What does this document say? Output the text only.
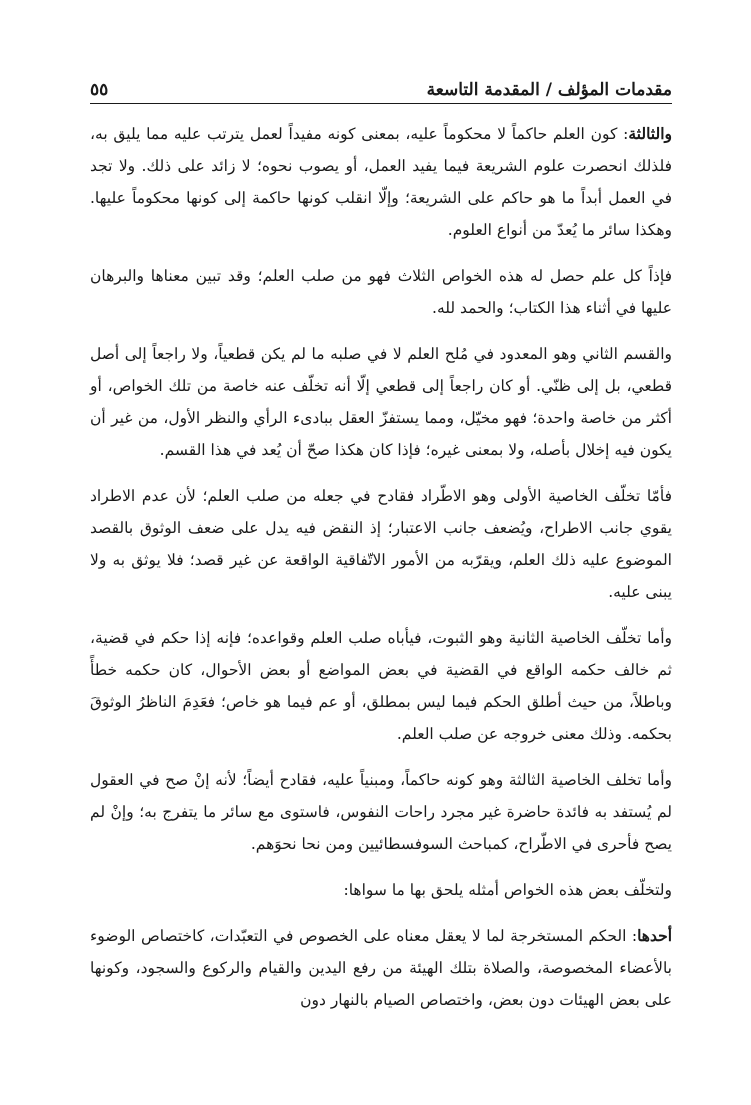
مقدمات المؤلف / المقدمة التاسعة
٥٥

والثالثة: كون العلم حاكماً لا محكوماً عليه، بمعنى كونه مفيداً لعمل يترتب عليه مما يليق به، فلذلك انحصرت علوم الشريعة فيما يفيد العمل، أو يصوب نحوه؛ لا زائد على ذلك. ولا تجد في العمل أبداً ما هو حاكم على الشريعة؛ وإلّا انقلب كونها حاكمة إلى كونها محكوماً عليها. وهكذا سائر ما يُعدّ من أنواع العلوم.

فإذاً كل علم حصل له هذه الخواص الثلاث فهو من صلب العلم؛ وقد تبين معناها والبرهان عليها في أثناء هذا الكتاب؛ والحمد لله.

والقسم الثاني وهو المعدود في مُلح العلم لا في صلبه ما لم يكن قطعياً، ولا راجعاً إلى أصل قطعي، بل إلى ظنّي. أو كان راجعاً إلى قطعي إلّا أنه تخلّف عنه خاصة من تلك الخواص، أو أكثر من خاصة واحدة؛ فهو مخيّل، ومما يستفزّ العقل ببادىء الرأي والنظر الأول، من غير أن يكون فيه إخلال بأصله، ولا بمعنى غيره؛ فإذا كان هكذا صحّ أن يُعد في هذا القسم.

فأمّا تخلّف الخاصية الأولى وهو الاطّراد فقادح في جعله من صلب العلم؛ لأن عدم الاطراد يقوي جانب الاطراح، ويُضعف جانب الاعتبار؛ إذ النقض فيه يدل على ضعف الوثوق بالقصد الموضوع عليه ذلك العلم، ويقرّبه من الأمور الاتّفاقية الواقعة عن غير قصد؛ فلا يوثق به ولا يبنى عليه.

وأما تخلّف الخاصية الثانية وهو الثبوت، فيأباه صلب العلم وقواعده؛ فإنه إذا حكم في قضية، ثم خالف حكمه الواقع في القضية في بعض المواضع أو بعض الأحوال، كان حكمه خطأً وباطلاً، من حيث أطلق الحكم فيما ليس بمطلق، أو عم فيما هو خاص؛ فعَدِمَ الناظرُ الوثوقَ بحكمه. وذلك معنى خروجه عن صلب العلم.

وأما تخلف الخاصية الثالثة وهو كونه حاكماً، ومبنياً عليه، فقادح أيضاً؛ لأنه إنْ صح في العقول لم يُستفد به فائدة حاضرة غير مجرد راحات النفوس، فاستوى مع سائر ما يتفرج به؛ وإنْ لم يصح فأحرى في الاطّراح، كمباحث السوفسطائيين ومن نحا نحوَهم.

ولتخلّف بعض هذه الخواص أمثله يلحق بها ما سواها:

أحدها: الحكم المستخرجة لما لا يعقل معناه على الخصوص في التعبّدات، كاختصاص الوضوء بالأعضاء المخصوصة، والصلاة بتلك الهيئة من رفع اليدين والقيام والركوع والسجود، وكونها على بعض الهيئات دون بعض، واختصاص الصيام بالنهار دون
